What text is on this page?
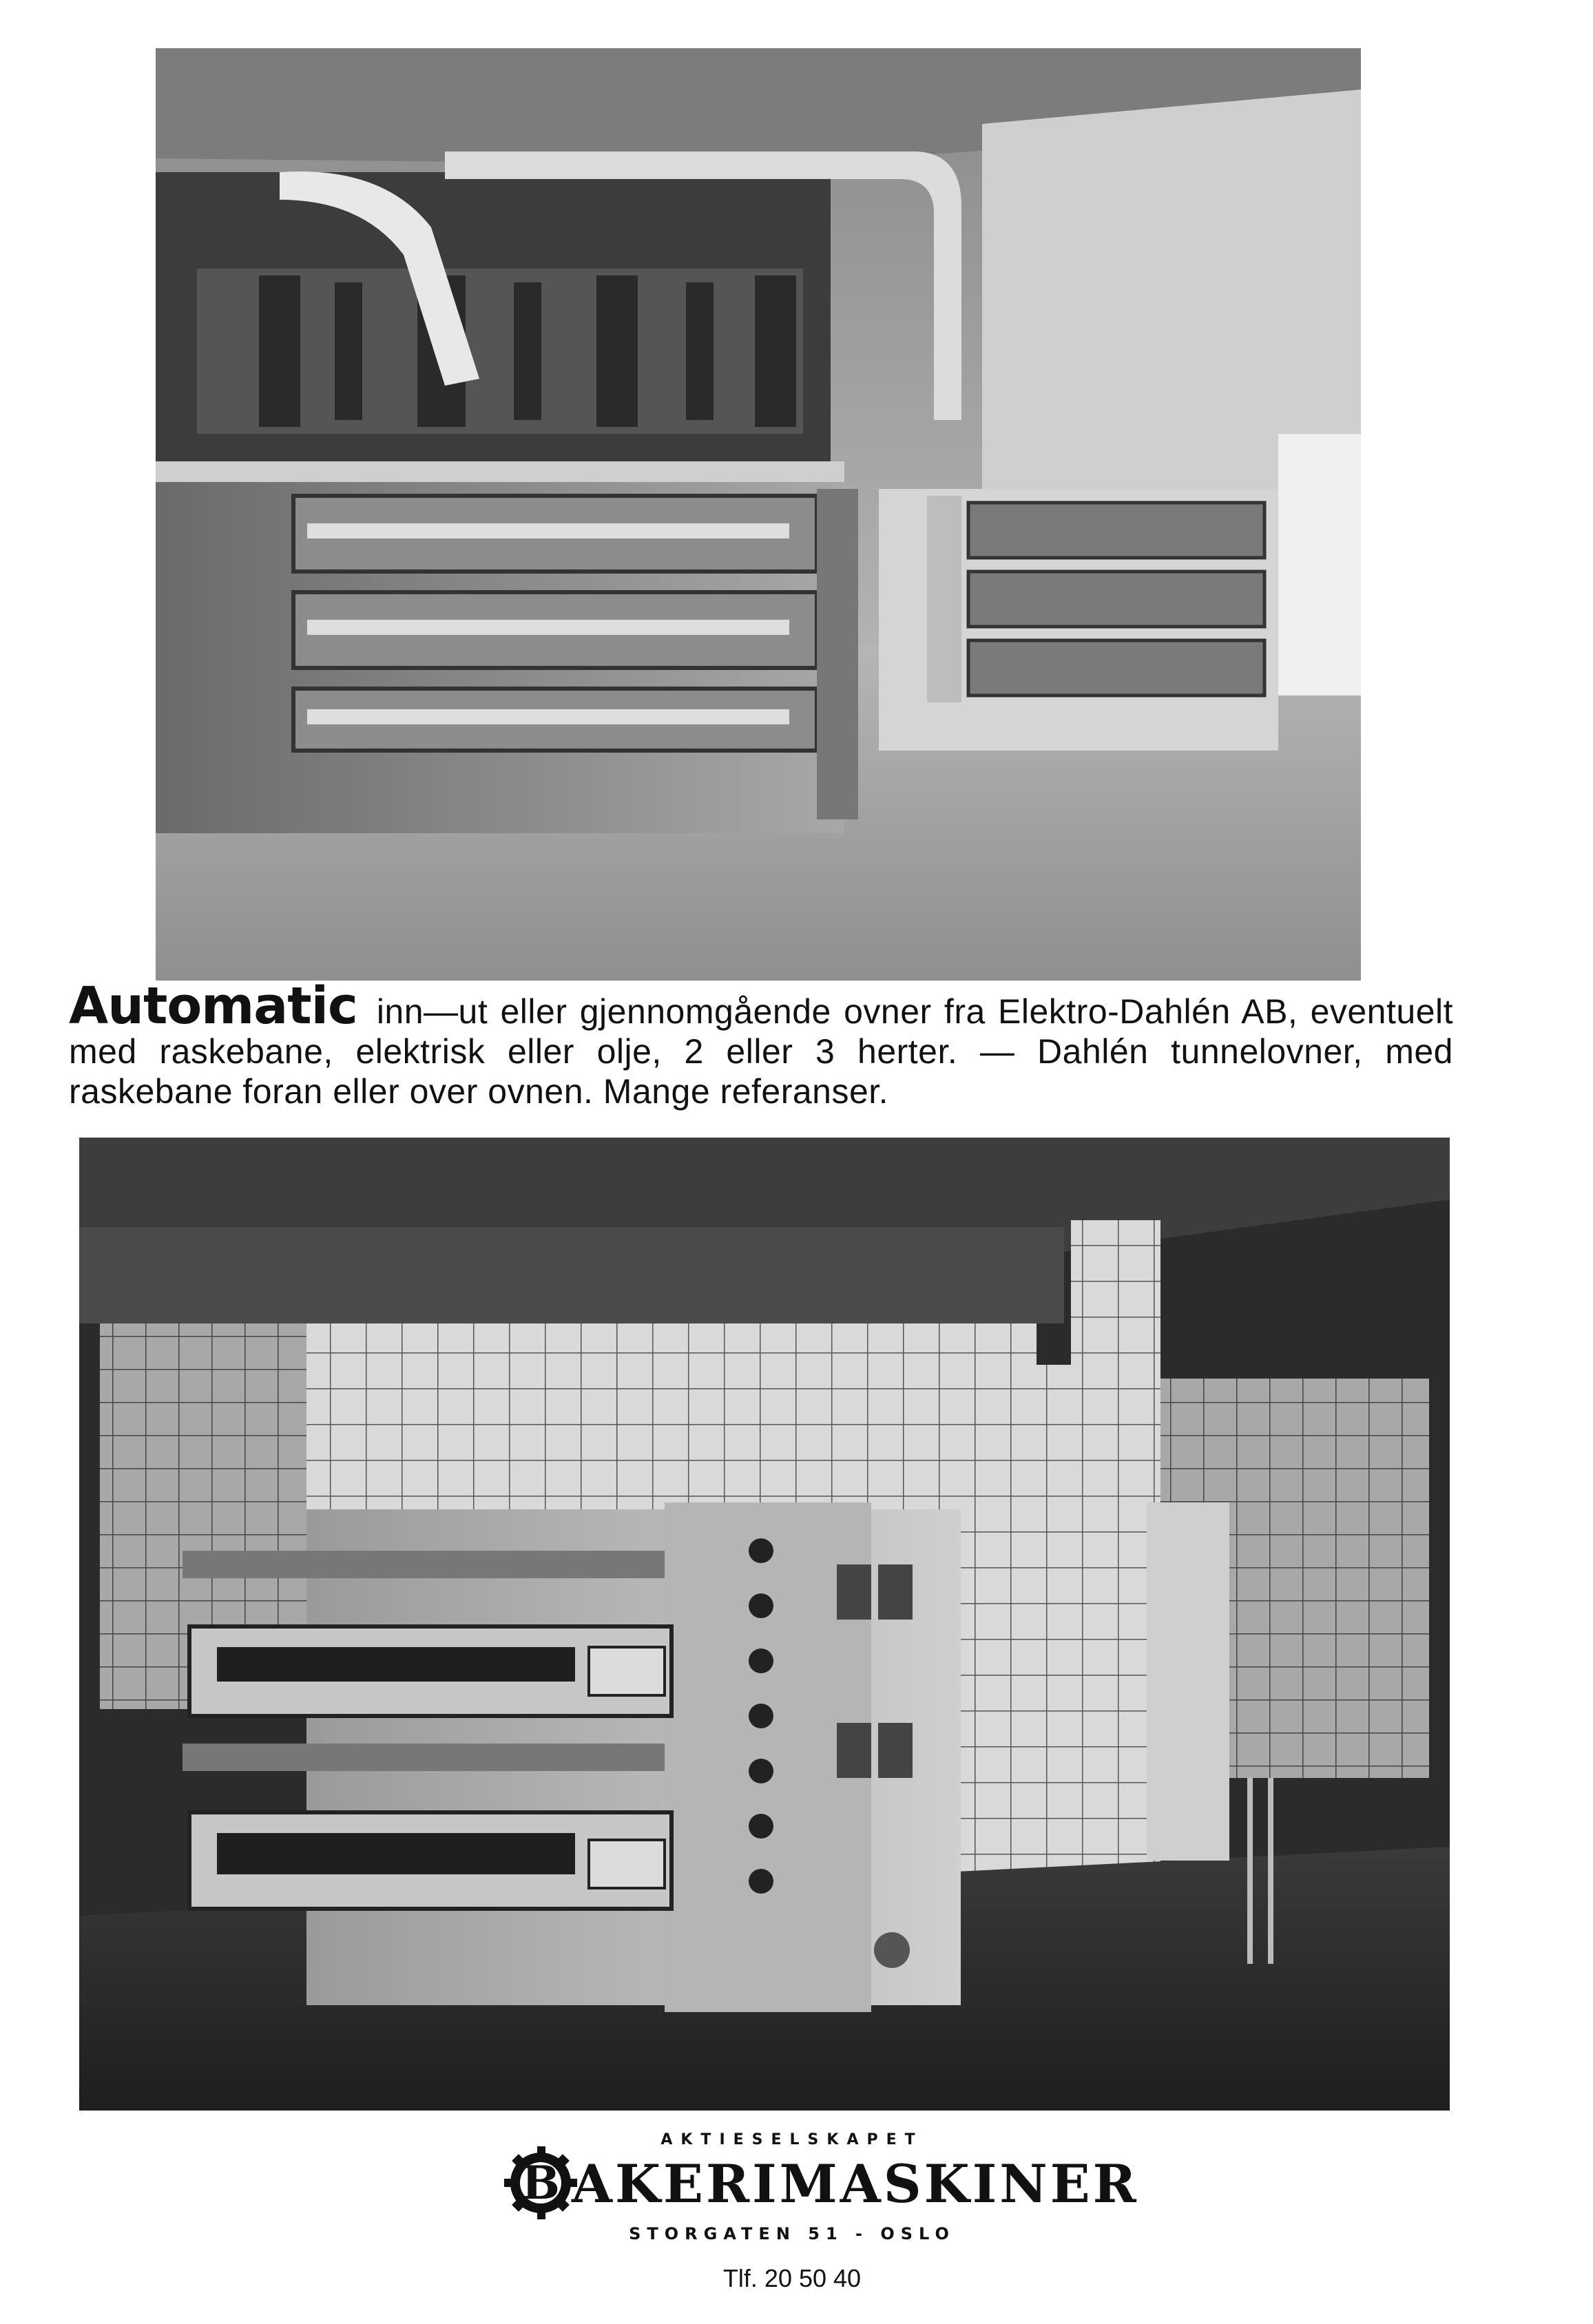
Automatic inn—ut eller gjennomgående ovner fra Elektro-Dahlén AB, eventuelt med raskebane, elektrisk eller olje, 2 eller 3 herter. — Dahlén tunnelovner, med raskebane foran eller over ovnen. Mange referanser.
AKTIESELSKAPET
B AKERIMASKINER
STORGATEN 51 - OSLO
Tlf. 20 50 40
